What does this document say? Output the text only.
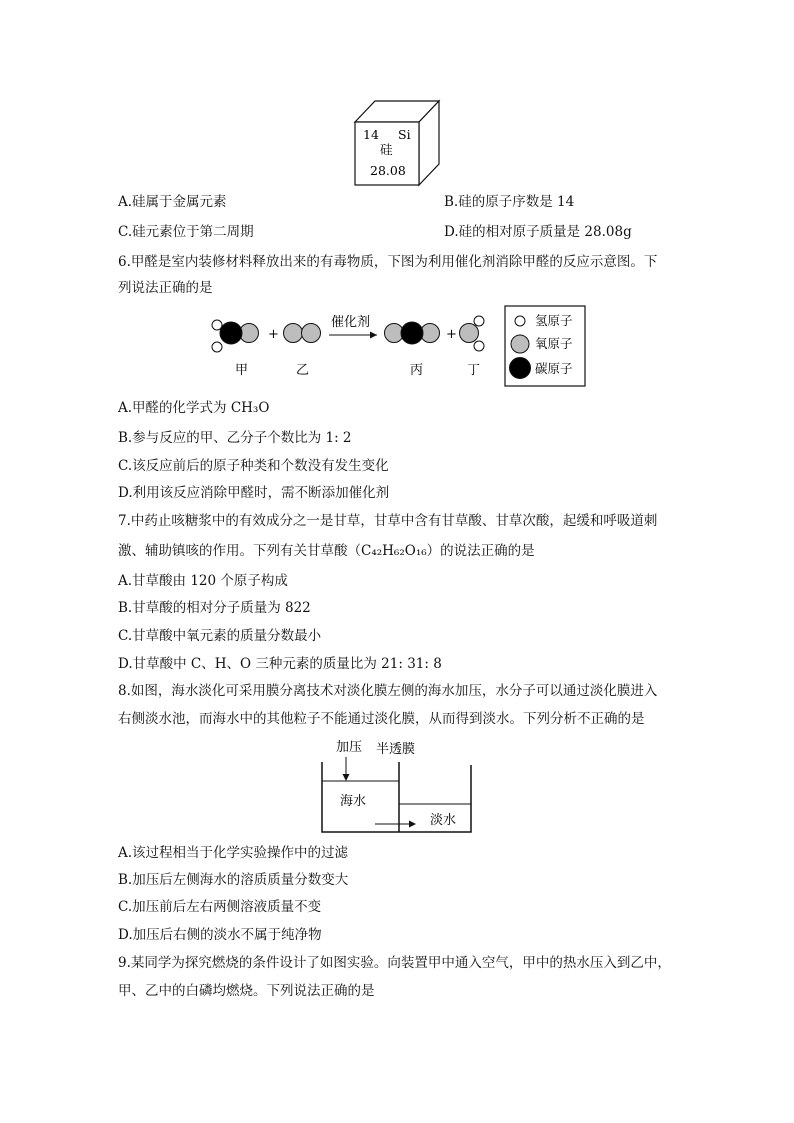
14 Si
硅
28.08
A.硅属于金属元素	B.硅的原子序数是 14
C.硅元素位于第二周期	D.硅的相对原子质量是 28.08g
6.甲醛是室内装修材料释放出来的有毒物质，下图为利用催化剂消除甲醛的反应示意图。下
列说法正确的是
+
催化剂
+
甲	乙	丙	丁
氢原子
氧原子
碳原子
A.甲醛的化学式为 CH₃O
B.参与反应的甲、乙分子个数比为 1: 2
C.该反应前后的原子种类和个数没有发生变化
D.利用该反应消除甲醛时，需不断添加催化剂
7.中药止咳糖浆中的有效成分之一是甘草，甘草中含有甘草酸、甘草次酸，起缓和呼吸道刺
激、辅助镇咳的作用。下列有关甘草酸（C₄₂H₆₂O₁₆）的说法正确的是
A.甘草酸由 120 个原子构成
B.甘草酸的相对分子质量为 822
C.甘草酸中氧元素的质量分数最小
D.甘草酸中 C、H、O 三种元素的质量比为 21: 31: 8
8.如图，海水淡化可采用膜分离技术对淡化膜左侧的海水加压，水分子可以通过淡化膜进入
右侧淡水池，而海水中的其他粒子不能通过淡化膜，从而得到淡水。下列分析不正确的是
加压 半透膜
海水
淡水
A.该过程相当于化学实验操作中的过滤
B.加压后左侧海水的溶质质量分数变大
C.加压前后左右两侧溶液质量不变
D.加压后右侧的淡水不属于纯净物
9.某同学为探究燃烧的条件设计了如图实验。向装置甲中通入空气，甲中的热水压入到乙中，
甲、乙中的白磷均燃烧。下列说法正确的是
